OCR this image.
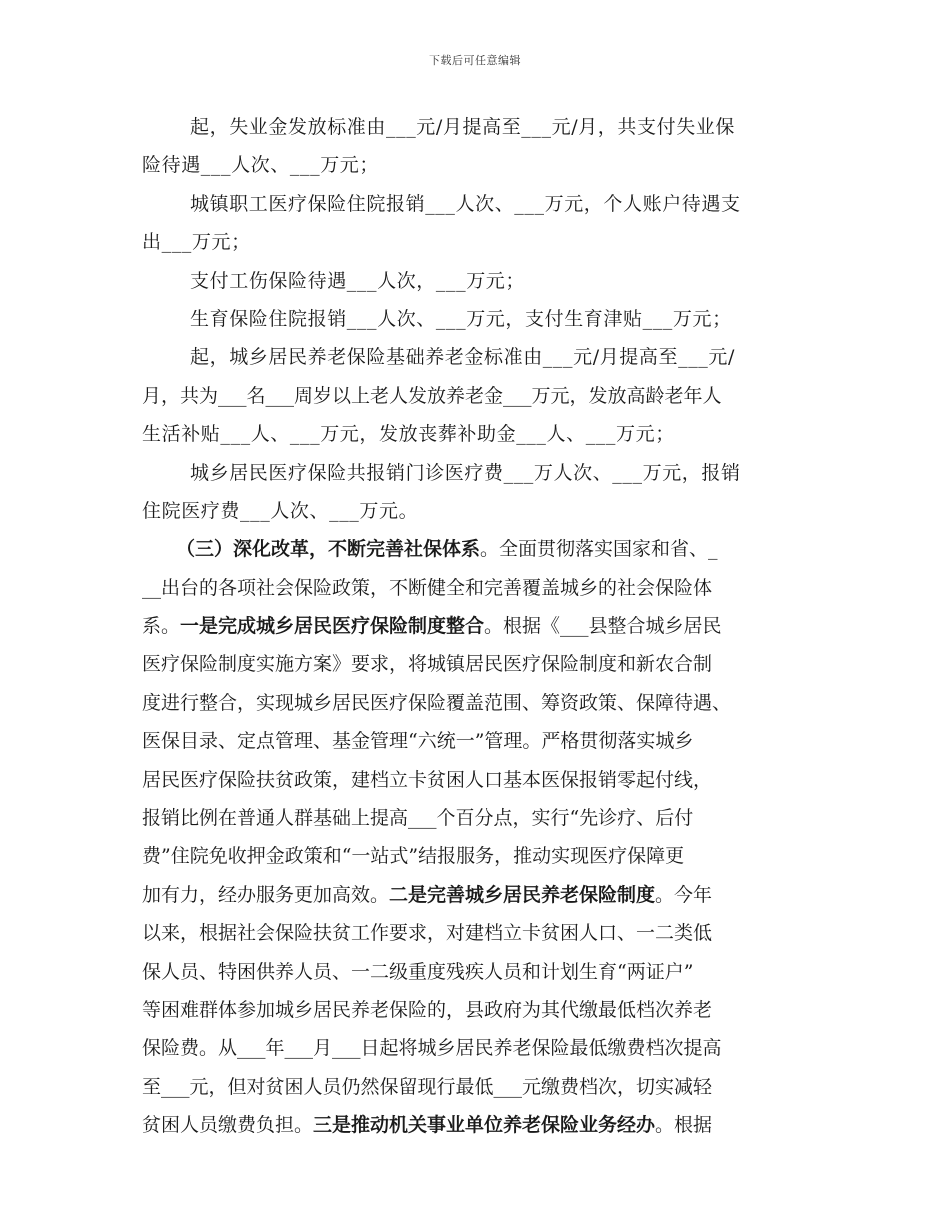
下载后可任意编辑
起，失业金发放标准由___元/月提高至___元/月，共支付失业保
险待遇___人次、___万元；
城镇职工医疗保险住院报销___人次、___万元，个人账户待遇支
出___万元；
支付工伤保险待遇___人次，___万元；
生育保险住院报销___人次、___万元，支付生育津贴___万元；
起，城乡居民养老保险基础养老金标准由___元/月提高至___元/
月，共为___名___周岁以上老人发放养老金___万元，发放高龄老年人
生活补贴___人、___万元，发放丧葬补助金___人、___万元；
城乡居民医疗保险共报销门诊医疗费___万人次、___万元，报销
住院医疗费___人次、___万元。
（三）深化改革，不断完善社保体系。全面贯彻落实国家和省、_
__出台的各项社会保险政策，不断健全和完善覆盖城乡的社会保险体
系。一是完成城乡居民医疗保险制度整合。根据《___县整合城乡居民
医疗保险制度实施方案》要求，将城镇居民医疗保险制度和新农合制
度进行整合，实现城乡居民医疗保险覆盖范围、筹资政策、保障待遇、
医保目录、定点管理、基金管理“六统一”管理。严格贯彻落实城乡
居民医疗保险扶贫政策，建档立卡贫困人口基本医保报销零起付线，
报销比例在普通人群基础上提高___个百分点，实行“先诊疗、后付
费”住院免收押金政策和“一站式”结报服务，推动实现医疗保障更
加有力，经办服务更加高效。二是完善城乡居民养老保险制度。今年
以来，根据社会保险扶贫工作要求，对建档立卡贫困人口、一二类低
保人员、特困供养人员、一二级重度残疾人员和计划生育“两证户”
等困难群体参加城乡居民养老保险的，县政府为其代缴最低档次养老
保险费。从___年___月___日起将城乡居民养老保险最低缴费档次提高
至___元，但对贫困人员仍然保留现行最低___元缴费档次，切实减轻
贫困人员缴费负担。三是推动机关事业单位养老保险业务经办。根据
